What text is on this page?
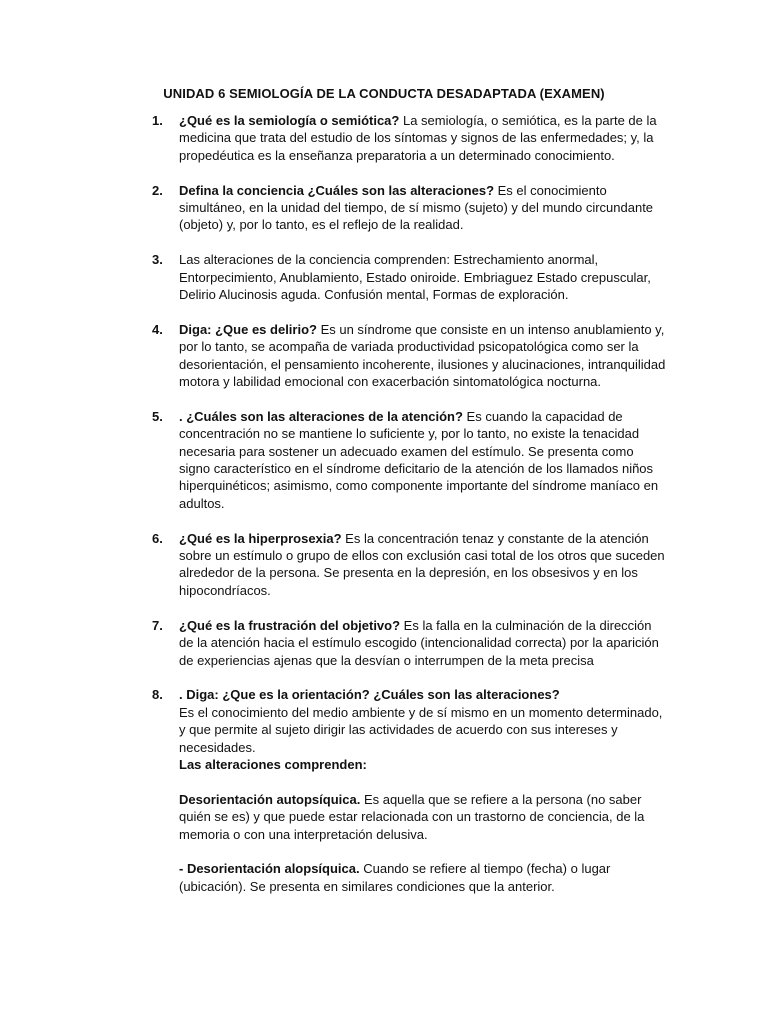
UNIDAD 6 SEMIOLOGÍA DE LA CONDUCTA DESADAPTADA (EXAMEN)
1. ¿Qué es la semiología o semiótica? La semiología, o semiótica, es la parte de la medicina que trata del estudio de los síntomas y signos de las enfermedades; y, la propedéutica es la enseñanza preparatoria a un determinado conocimiento.
2. Defina la conciencia ¿Cuáles son las alteraciones? Es el conocimiento simultáneo, en la unidad del tiempo, de sí mismo (sujeto) y del mundo circundante (objeto) y, por lo tanto, es el reflejo de la realidad.
3. Las alteraciones de la conciencia comprenden: Estrechamiento anormal, Entorpecimiento, Anublamiento, Estado oniroide. Embriaguez Estado crepuscular, Delirio Alucinosis aguda. Confusión mental, Formas de exploración.
4. Diga: ¿Que es delirio? Es un síndrome que consiste en un intenso anublamiento y, por lo tanto, se acompaña de variada productividad psicopatológica como ser la desorientación, el pensamiento incoherente, ilusiones y alucinaciones, intranquilidad motora y labilidad emocional con exacerbación sintomatológica nocturna.
5. . ¿Cuáles son las alteraciones de la atención? Es cuando la capacidad de concentración no se mantiene lo suficiente y, por lo tanto, no existe la tenacidad necesaria para sostener un adecuado examen del estímulo. Se presenta como signo característico en el síndrome deficitario de la atención de los llamados niños hiperquinéticos; asimismo, como componente importante del síndrome maníaco en adultos.
6. ¿Qué es la hiperprosexia? Es la concentración tenaz y constante de la atención sobre un estímulo o grupo de ellos con exclusión casi total de los otros que suceden alrededor de la persona. Se presenta en la depresión, en los obsesivos y en los hipocondríacos.
7. ¿Qué es la frustración del objetivo? Es la falla en la culminación de la dirección de la atención hacia el estímulo escogido (intencionalidad correcta) por la aparición de experiencias ajenas que la desvían o interrumpen de la meta precisa
8. . Diga: ¿Que es la orientación? ¿Cuáles son las alteraciones?
Es el conocimiento del medio ambiente y de sí mismo en un momento determinado, y que permite al sujeto dirigir las actividades de acuerdo con sus intereses y necesidades.
Las alteraciones comprenden:
Desorientación autopsíquica. Es aquella que se refiere a la persona (no saber quién se es) y que puede estar relacionada con un trastorno de conciencia, de la memoria o con una interpretación delusiva.
- Desorientación alopsíquica. Cuando se refiere al tiempo (fecha) o lugar (ubicación). Se presenta en similares condiciones que la anterior.
